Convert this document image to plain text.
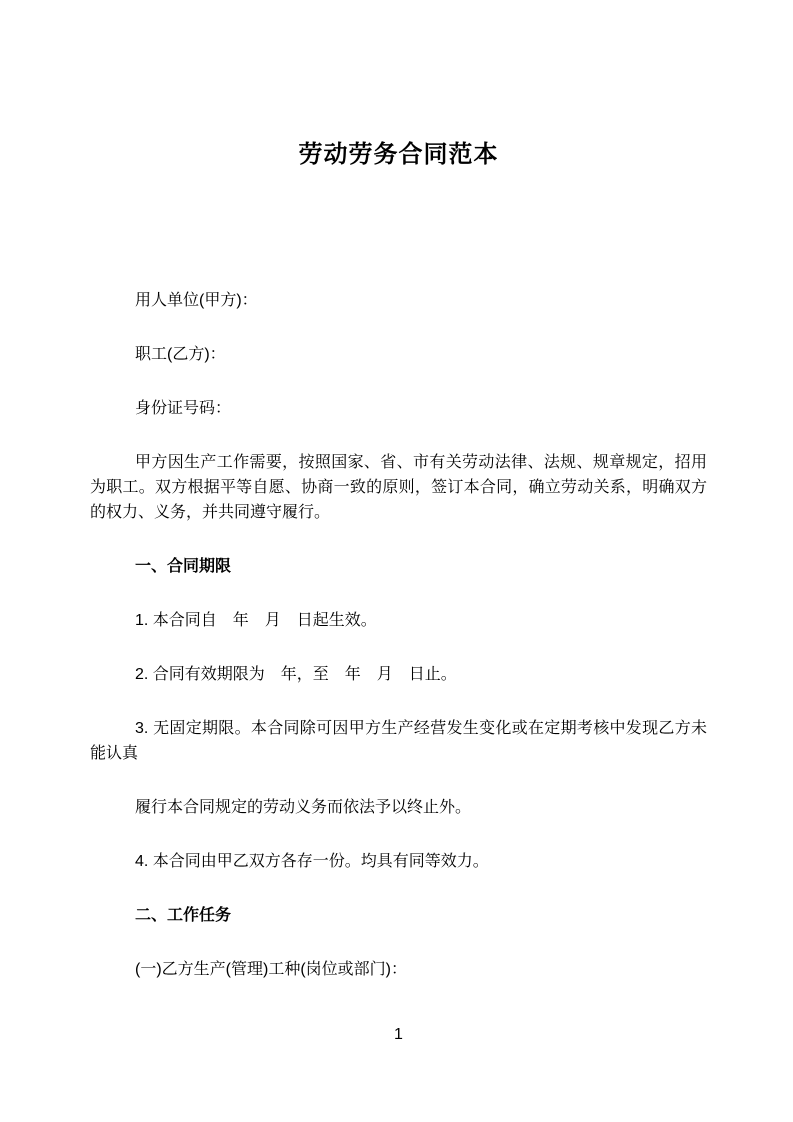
劳动劳务合同范本

用人单位(甲方)：

职工(乙方)：

身份证号码：

甲方因生产工作需要，按照国家、省、市有关劳动法律、法规、规章规定，招用为职工。双方根据平等自愿、协商一致的原则，签订本合同，确立劳动关系，明确双方的权力、义务，并共同遵守履行。

一、合同期限

1. 本合同自　年　月　日起生效。

2. 合同有效期限为　年，至　年　月　日止。

3. 无固定期限。本合同除可因甲方生产经营发生变化或在定期考核中发现乙方未能认真

履行本合同规定的劳动义务而依法予以终止外。

4. 本合同由甲乙双方各存一份。均具有同等效力。

二、工作任务

(一)乙方生产(管理)工种(岗位或部门)：

1
